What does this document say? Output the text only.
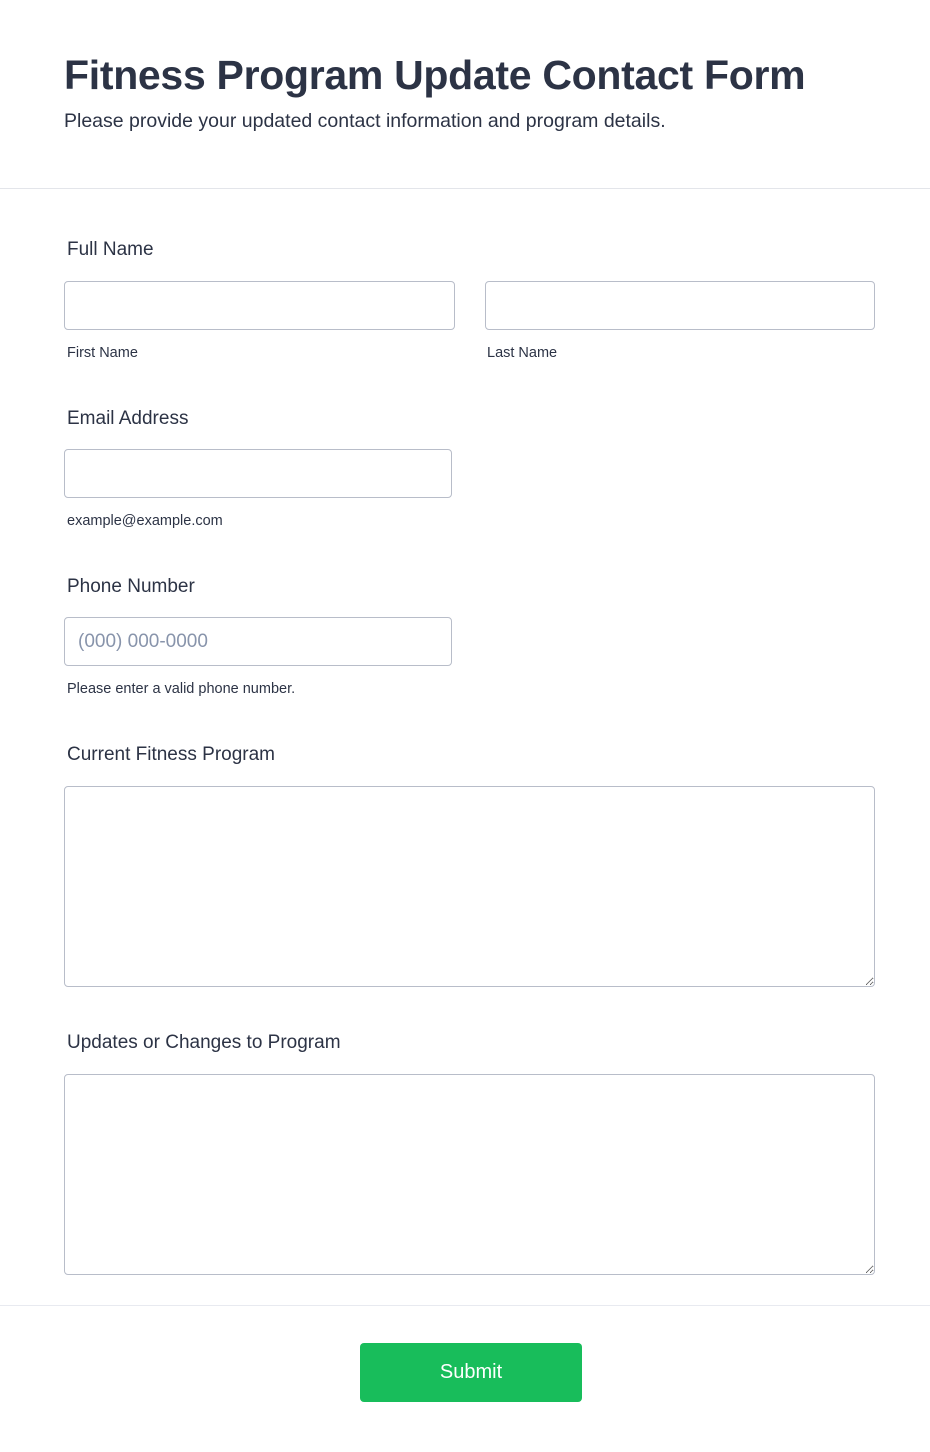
Fitness Program Update Contact Form

Please provide your updated contact information and program details.

Full Name
First Name	Last Name
Email Address
example@example.com
Phone Number
(000) 000-0000
Please enter a valid phone number.
Current Fitness Program
Updates or Changes to Program
Submit
